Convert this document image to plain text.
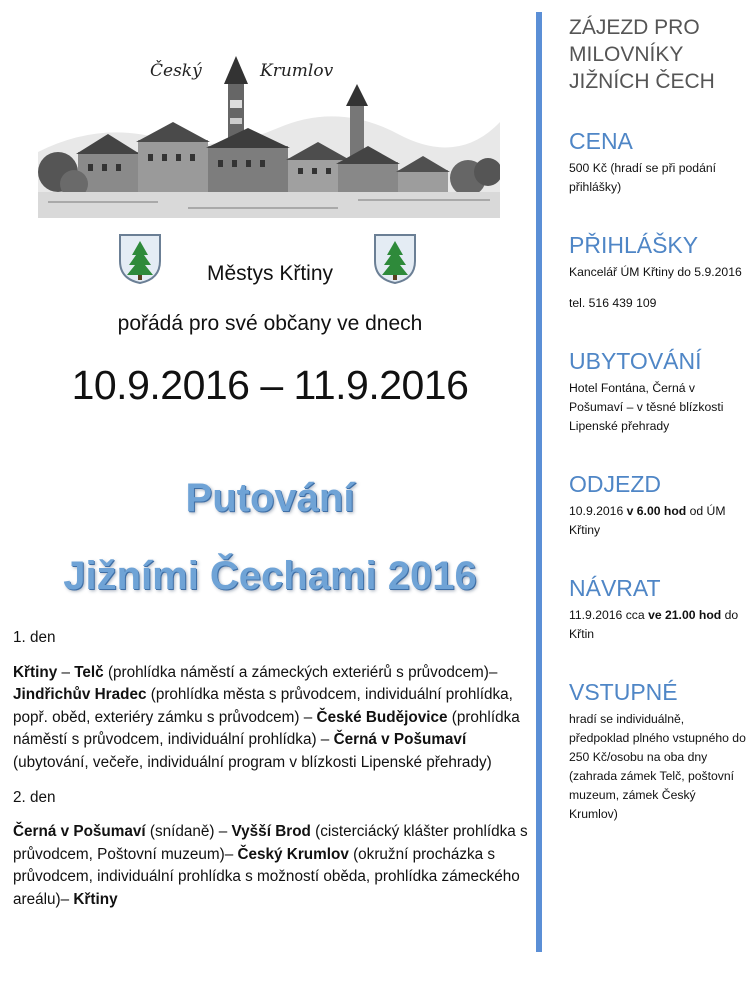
Český	Krumlov
Městys Křtiny
pořádá pro své občany ve dnech
10.9.2016 – 11.9.2016
Putování
Jižními Čechami 2016

1. den

Křtiny – Telč (prohlídka náměstí a zámeckých exteriérů s průvodcem)– Jindřichův Hradec (prohlídka města s průvodcem, individuální prohlídka, popř. oběd, exteriéry zámku s průvodcem) – České Budějovice (prohlídka náměstí s průvodcem, individuální prohlídka) – Černá v Pošumaví (ubytování, večeře, individuální program v blízkosti Lipenské přehrady)

2. den

Černá v Pošumaví (snídaně) – Vyšší Brod (cisterciácký klášter prohlídka s průvodcem, Poštovní muzeum)– Český Krumlov (okružní procházka s průvodcem, individuální prohlídka s možností oběda, prohlídka zámeckého areálu)– Křtiny

ZÁJEZD PRO
MILOVNÍKY
JIŽNÍCH ČECH
CENA

500 Kč (hradí se při podání přihlášky)

PŘIHLÁŠKY

Kancelář ÚM Křtiny do 5.9.2016

tel. 516 439 109

UBYTOVÁNÍ

Hotel Fontána, Černá v Pošumaví – v těsné blízkosti Lipenské přehrady

ODJEZD

10.9.2016 v 6.00 hod od ÚM Křtiny

NÁVRAT

11.9.2016 cca ve 21.00 hod do Křtin

VSTUPNÉ

hradí se individuálně, předpoklad plného vstupného do 250 Kč/osobu na oba dny (zahrada zámek Telč, poštovní muzeum, zámek Český Krumlov)
